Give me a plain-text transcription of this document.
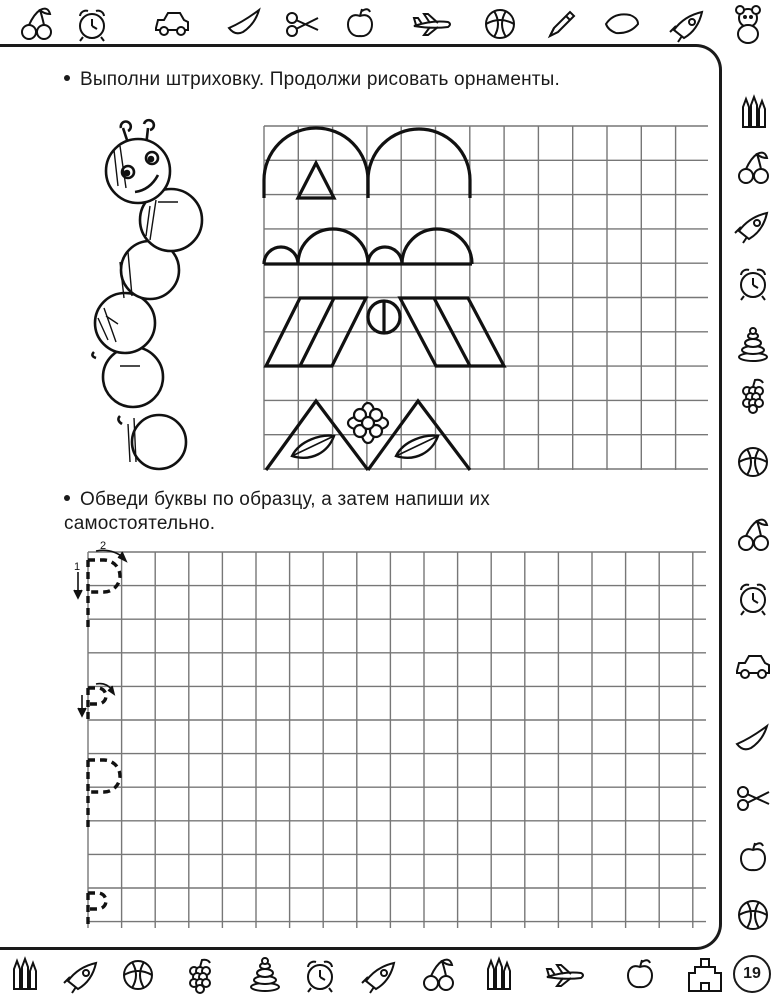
Выполни штриховку. Продолжи рисовать орнаменты.
Обведи буквы по образцу, а затем напиши их
самостоятельно.
2
1
19
